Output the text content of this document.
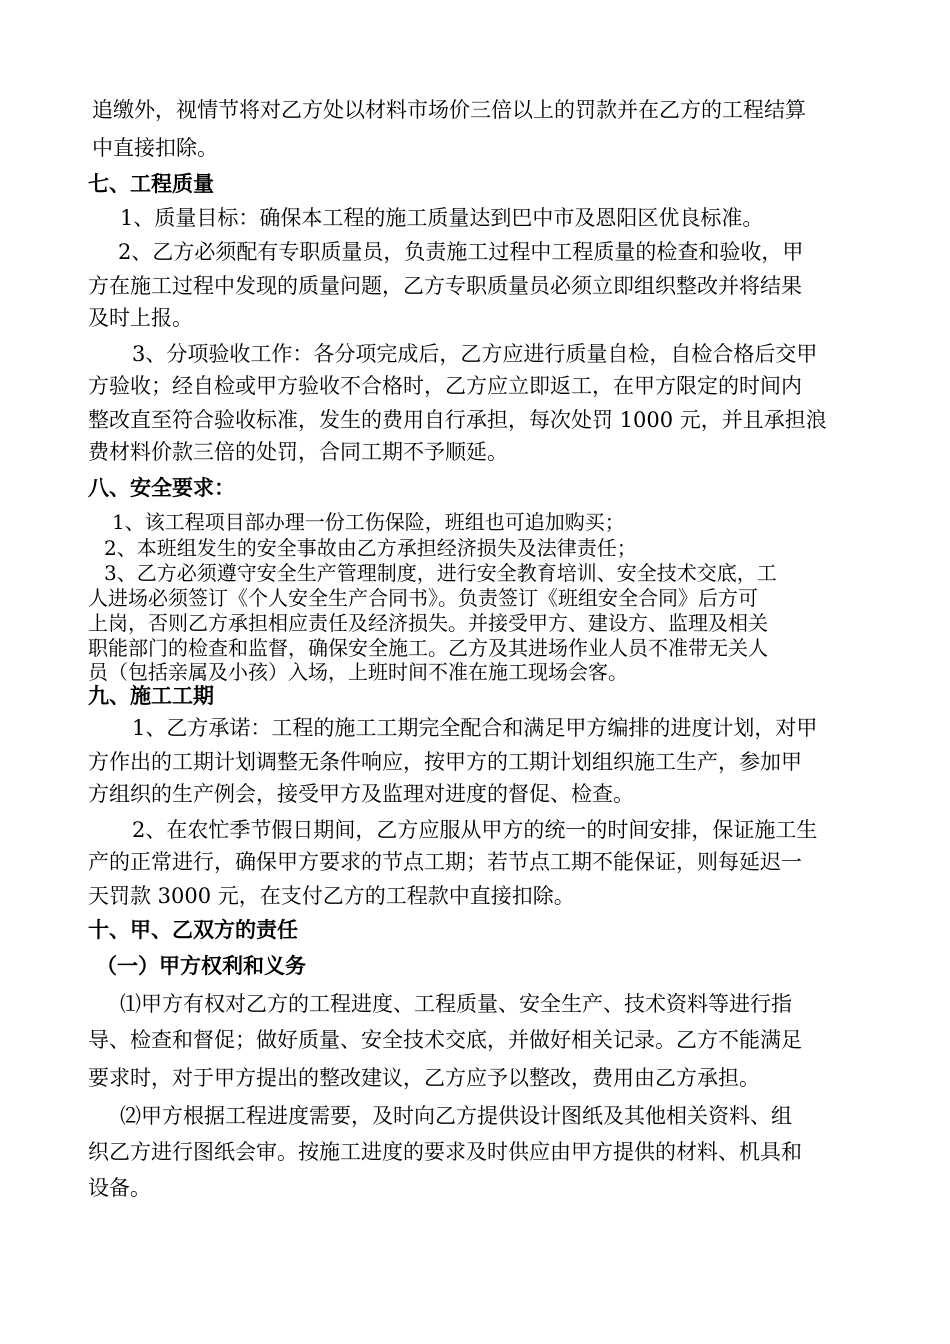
追缴外，视情节将对乙方处以材料市场价三倍以上的罚款并在乙方的工程结算
中直接扣除。
七、工程质量
1、质量目标：确保本工程的施工质量达到巴中市及恩阳区优良标准。
2、乙方必须配有专职质量员，负责施工过程中工程质量的检查和验收，甲
方在施工过程中发现的质量问题，乙方专职质量员必须立即组织整改并将结果
及时上报。
3、分项验收工作：各分项完成后，乙方应进行质量自检，自检合格后交甲
方验收；经自检或甲方验收不合格时，乙方应立即返工，在甲方限定的时间内
整改直至符合验收标准，发生的费用自行承担，每次处罚 1000 元，并且承担浪
费材料价款三倍的处罚，合同工期不予顺延。
八、安全要求：
1、该工程项目部办理一份工伤保险，班组也可追加购买；
2、本班组发生的安全事故由乙方承担经济损失及法律责任；
3、乙方必须遵守安全生产管理制度，进行安全教育培训、安全技术交底，工
人进场必须签订《个人安全生产合同书》。负责签订《班组安全合同》后方可
上岗，否则乙方承担相应责任及经济损失。并接受甲方、建设方、监理及相关
职能部门的检查和监督，确保安全施工。乙方及其进场作业人员不准带无关人
员（包括亲属及小孩）入场，上班时间不准在施工现场会客。
九、施工工期
1、乙方承诺：工程的施工工期完全配合和满足甲方编排的进度计划，对甲
方作出的工期计划调整无条件响应，按甲方的工期计划组织施工生产，参加甲
方组织的生产例会，接受甲方及监理对进度的督促、检查。
2、在农忙季节假日期间，乙方应服从甲方的统一的时间安排，保证施工生
产的正常进行，确保甲方要求的节点工期；若节点工期不能保证，则每延迟一
天罚款 3000 元，在支付乙方的工程款中直接扣除。
十、甲、乙双方的责任
（一）甲方权利和义务
⑴甲方有权对乙方的工程进度、工程质量、安全生产、技术资料等进行指
导、检查和督促；做好质量、安全技术交底，并做好相关记录。乙方不能满足
要求时，对于甲方提出的整改建议，乙方应予以整改，费用由乙方承担。
⑵甲方根据工程进度需要，及时向乙方提供设计图纸及其他相关资料、组
织乙方进行图纸会审。按施工进度的要求及时供应由甲方提供的材料、机具和
设备。
